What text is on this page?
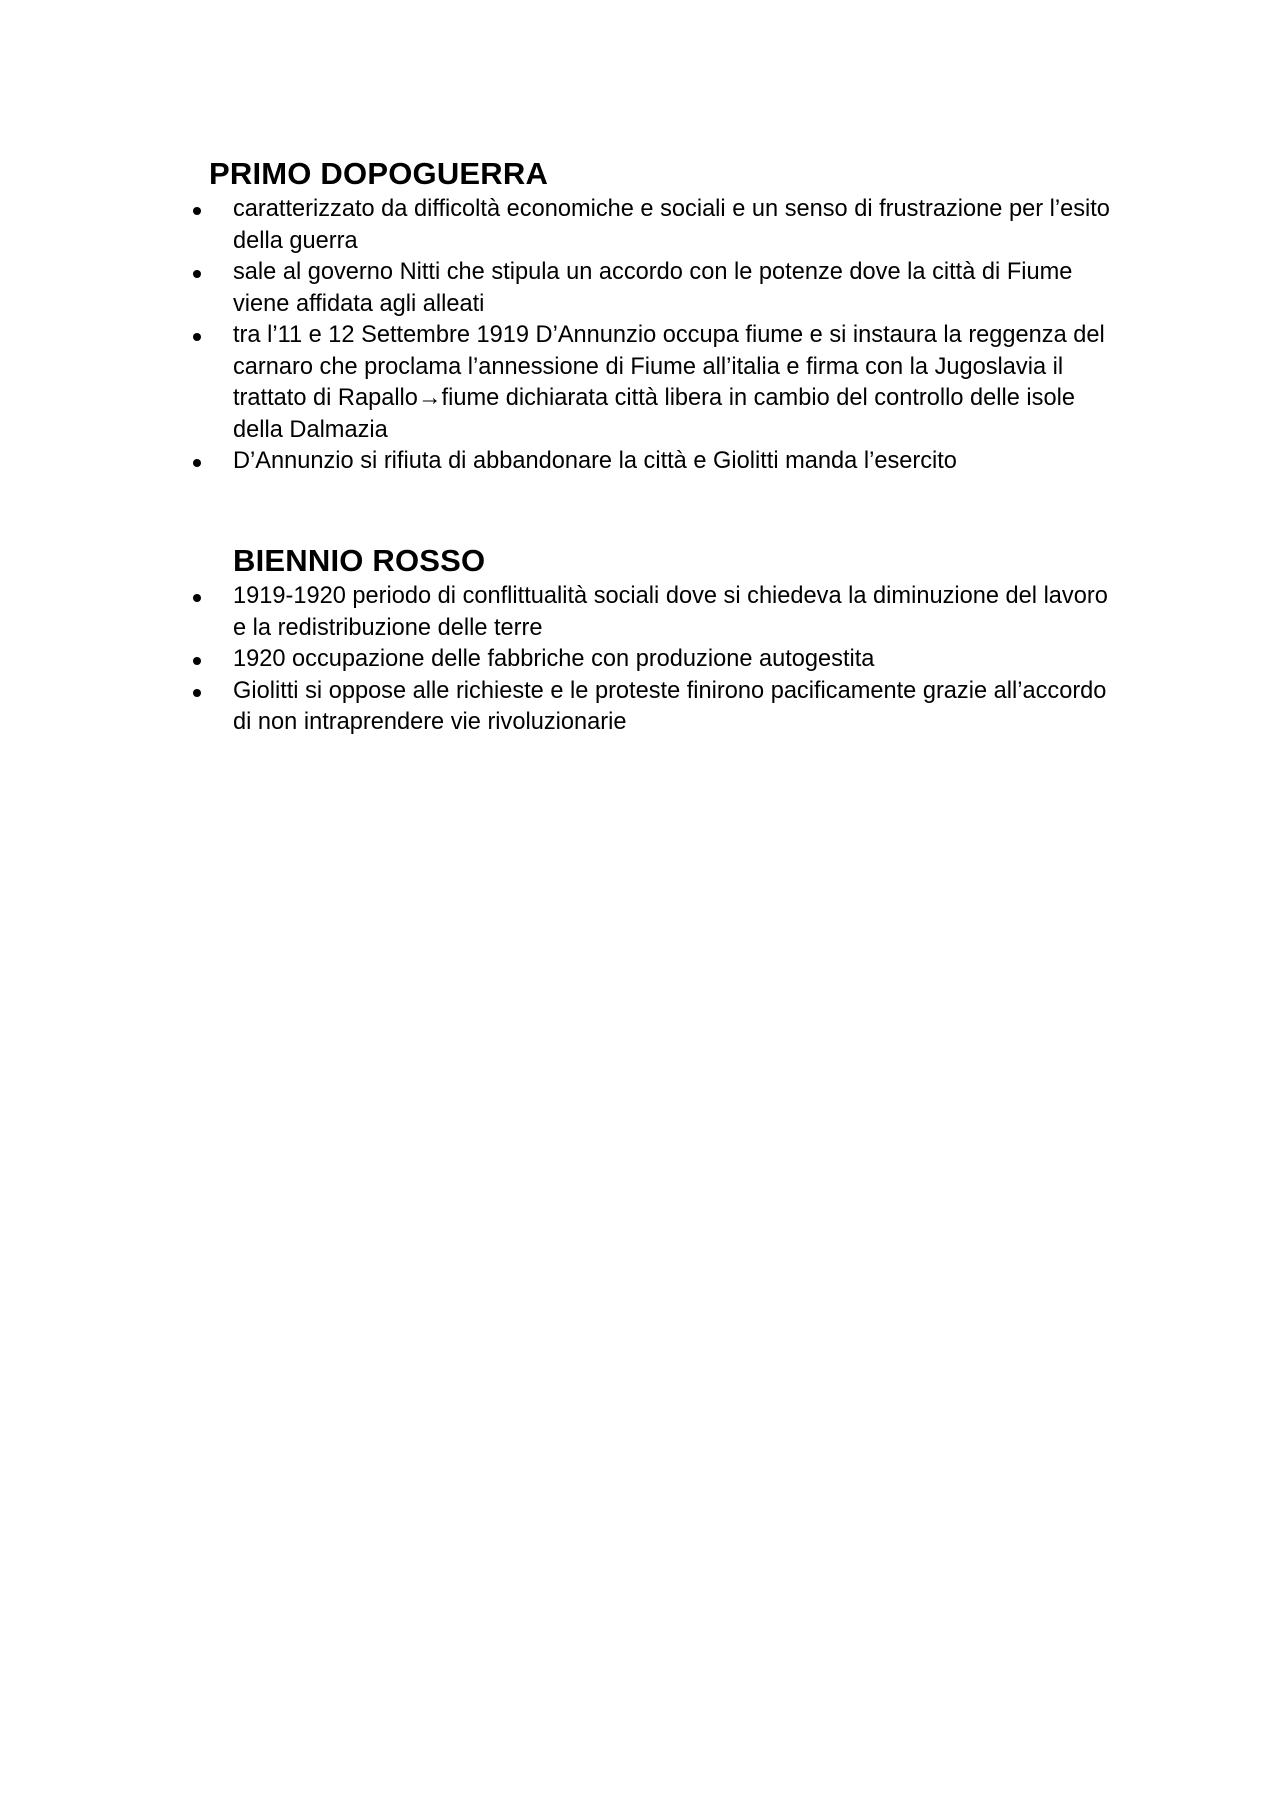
PRIMO DOPOGUERRA
caratterizzato da difficoltà economiche e sociali e un senso di frustrazione per l’esito della guerra
sale al governo Nitti che stipula un accordo con le potenze dove la città di Fiume viene affidata agli alleati
tra l’11 e 12 Settembre 1919 D’Annunzio occupa fiume e si instaura la reggenza del carnaro che proclama l’annessione di Fiume all’italia e firma con la Jugoslavia il trattato di Rapallo→fiume dichiarata città libera in cambio del controllo delle isole della Dalmazia
D’Annunzio si rifiuta di abbandonare la città e Giolitti manda l’esercito
BIENNIO ROSSO
1919-1920 periodo di conflittualità sociali dove si chiedeva la diminuzione del lavoro e la redistribuzione delle terre
1920 occupazione delle fabbriche con produzione autogestita
Giolitti si oppose alle richieste e le proteste finirono pacificamente grazie all’accordo di non intraprendere vie rivoluzionarie
